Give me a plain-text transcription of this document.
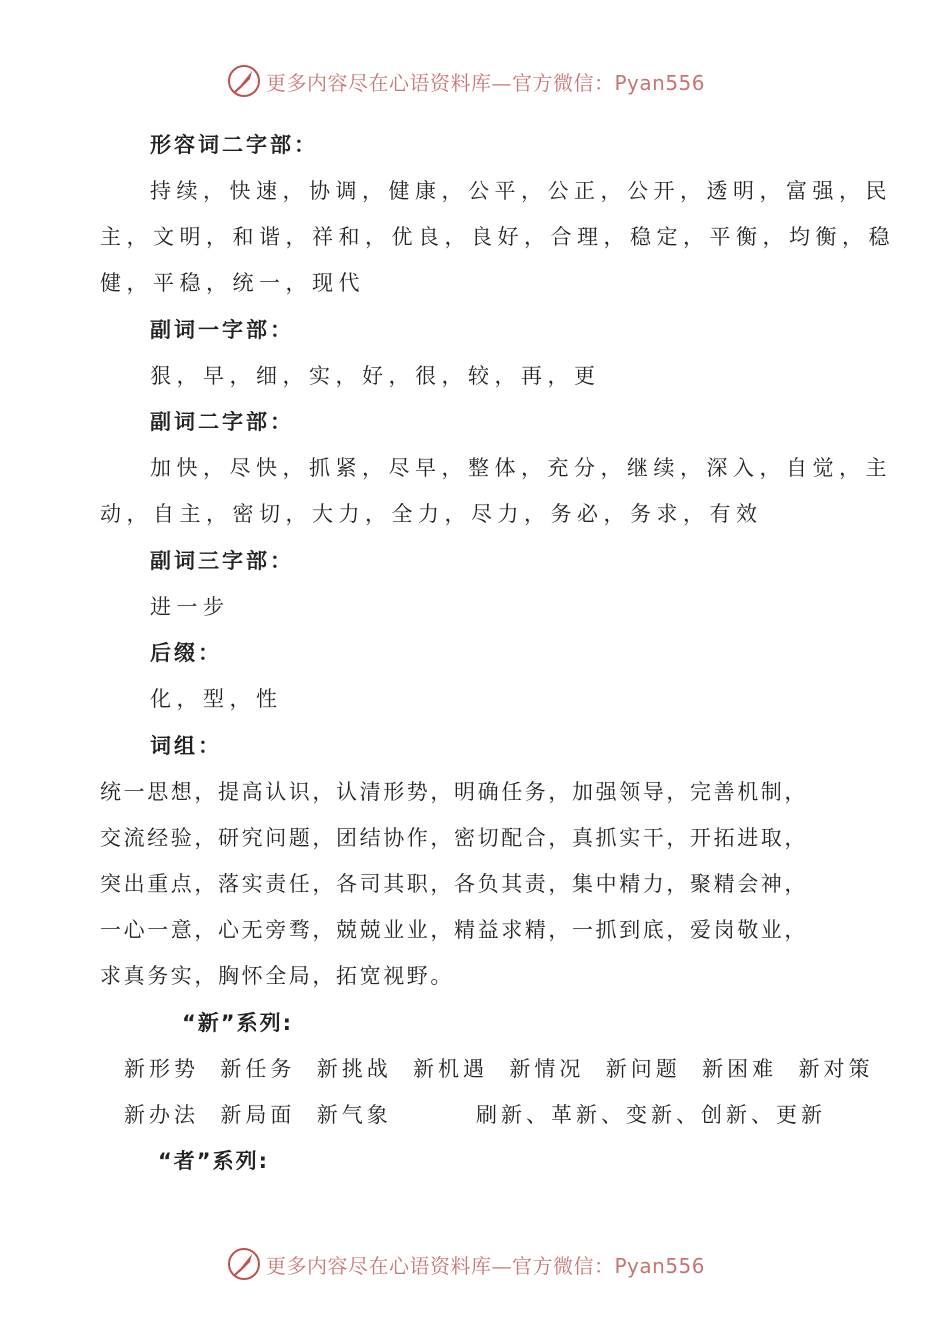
更多内容尽在心语资料库—官方微信：Pyan556
形容词二字部：
持续，快速，协调，健康，公平，公正，公开，透明，富强，民
主，文明，和谐，祥和，优良，良好，合理，稳定，平衡，均衡，稳
健，平稳，统一，现代
副词一字部：
狠，早，细，实，好，很，较，再，更
副词二字部：
加快，尽快，抓紧，尽早，整体，充分，继续，深入，自觉，主
动，自主，密切，大力，全力，尽力，务必，务求，有效
副词三字部：
进一步
后缀：
化，型，性
词组：
统一思想，提高认识，认清形势，明确任务，加强领导，完善机制，
交流经验，研究问题，团结协作，密切配合，真抓实干，开拓进取，
突出重点，落实责任，各司其职，各负其责，集中精力，聚精会神，
一心一意，心无旁骛，兢兢业业，精益求精，一抓到底，爱岗敬业，
求真务实，胸怀全局，拓宽视野。
“新”系列:
新形势  新任务  新挑战  新机遇  新情况  新问题  新困难  新对策
新办法  新局面  新气象	刷新、革新、变新、创新、更新
“者”系列:
更多内容尽在心语资料库—官方微信：Pyan556
